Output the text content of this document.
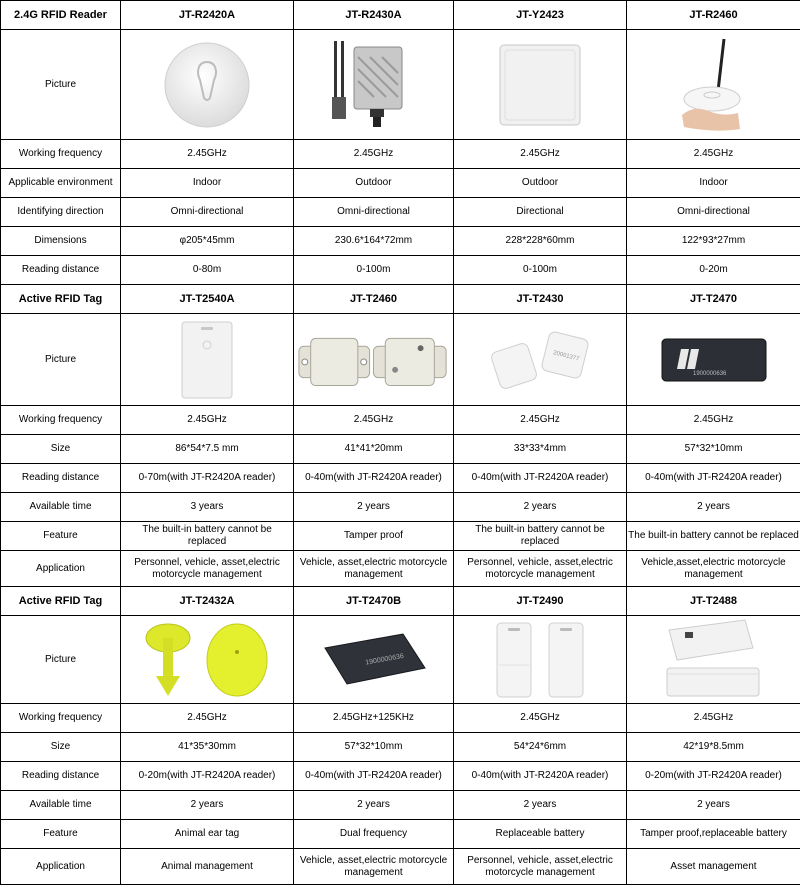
2.4G RFID Reader	JT-R2420A	JT-R2430A	JT-Y2423	JT-R2460
Picture	

Working frequency	2.45GHz	2.45GHz	2.45GHz	2.45GHz
Applicable environment	Indoor	Outdoor	Outdoor	Indoor
Identifying direction	Omni-directional	Omni-directional	Directional	Omni-directional
Dimensions	φ205*45mm	230.6*164*72mm	228*228*60mm	122*93*27mm
Reading distance	0-80m	0-100m	0-100m	0-20m
Active RFID Tag	JT-T2540A	JT-T2460	JT-T2430	JT-T2470
Picture			20001377	1900000636

Working frequency	2.45GHz	2.45GHz	2.45GHz	2.45GHz
Size	86*54*7.5 mm	41*41*20mm	33*33*4mm	57*32*10mm
Reading distance	0-70m(with JT-R2420A reader)	0-40m(with JT-R2420A reader)	0-40m(with JT-R2420A reader)	0-40m(with JT-R2420A reader)
Available time	3 years	2 years	2 years	2 years
Feature	The built-in battery cannot be replaced	Tamper proof	The built-in battery cannot be replaced	The built-in battery cannot be replaced
Application	Personnel, vehicle, asset,electric motorcycle management	Vehicle, asset,electric motorcycle management	Personnel, vehicle, asset,electric motorcycle management	Vehicle,asset,electric motorcycle management
Active RFID Tag	JT-T2432A	JT-T2470B	JT-T2490	JT-T2488
Picture		1900000636

Working frequency	2.45GHz	2.45GHz+125KHz	2.45GHz	2.45GHz
Size	41*35*30mm	57*32*10mm	54*24*6mm	42*19*8.5mm
Reading distance	0-20m(with JT-R2420A reader)	0-40m(with JT-R2420A reader)	0-40m(with JT-R2420A reader)	0-20m(with JT-R2420A reader)
Available time	2 years	2 years	2 years	2 years
Feature	Animal ear tag	Dual frequency	Replaceable battery	Tamper proof,replaceable battery
Application	Animal management	Vehicle, asset,electric motorcycle management	Personnel, vehicle, asset,electric motorcycle management	Asset management
